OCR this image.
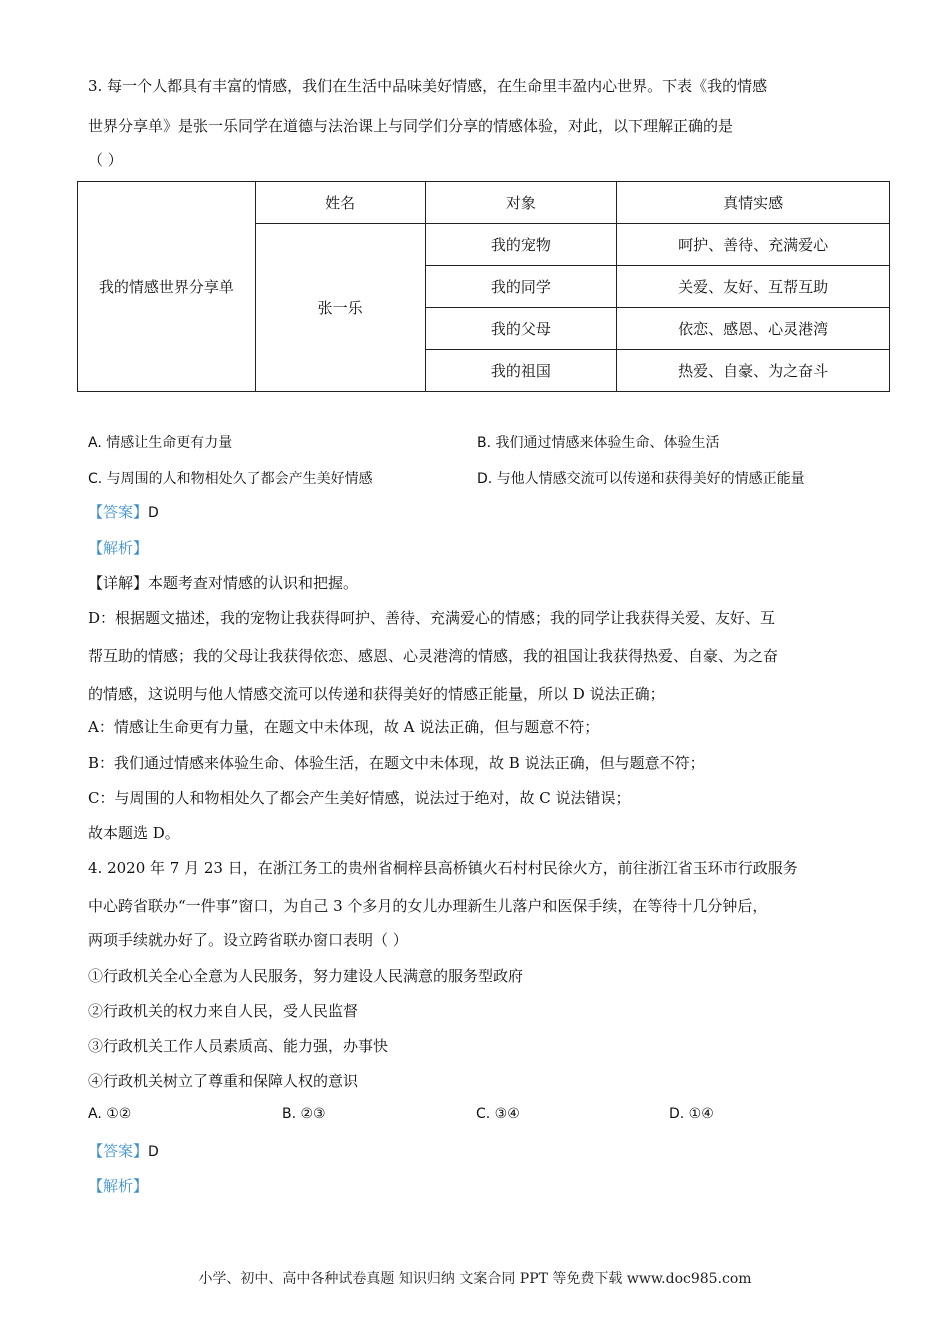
3. 每一个人都具有丰富的情感，我们在生活中品味美好情感，在生命里丰盈内心世界。下表《我的情感

世界分享单》是张一乐同学在道德与法治课上与同学们分享的情感体验，对此，以下理解正确的是

（ ）

我的情感世界分享单	姓名	对象	真情实感
	张一乐	我的宠物	呵护、善待、充满爱心
		我的同学	关爱、友好、互帮互助
		我的父母	依恋、感恩、心灵港湾
		我的祖国	热爱、自豪、为之奋斗
A. 情感让生命更有力量	B. 我们通过情感来体验生命、体验生活
C. 与周围的人和物相处久了都会产生美好情感	D. 与他人情感交流可以传递和获得美好的情感正能量

【答案】D

【解析】

【详解】本题考查对情感的认识和把握。

D：根据题文描述，我的宠物让我获得呵护、善待、充满爱心的情感；我的同学让我获得关爱、友好、互

帮互助的情感；我的父母让我获得依恋、感恩、心灵港湾的情感，我的祖国让我获得热爱、自豪、为之奋

的情感，这说明与他人情感交流可以传递和获得美好的情感正能量，所以 D 说法正确；

A：情感让生命更有力量，在题文中未体现，故 A 说法正确，但与题意不符；

B：我们通过情感来体验生命、体验生活，在题文中未体现，故 B 说法正确，但与题意不符；

C：与周围的人和物相处久了都会产生美好情感，说法过于绝对，故 C 说法错误；

故本题选 D。

4. 2020 年 7 月 23 日，在浙江务工的贵州省桐梓县高桥镇火石村村民徐火方，前往浙江省玉环市行政服务

中心跨省联办“一件事”窗口，为自己 3 个多月的女儿办理新生儿落户和医保手续，在等待十几分钟后，

两项手续就办好了。设立跨省联办窗口表明（ ）

①行政机关全心全意为人民服务，努力建设人民满意的服务型政府

②行政机关的权力来自人民，受人民监督

③行政机关工作人员素质高、能力强，办事快

④行政机关树立了尊重和保障人权的意识

A. ①②	B. ②③	C. ③④	D. ①④

【答案】D

【解析】

小学、初中、高中各种试卷真题 知识归纳 文案合同 PPT 等免费下载 www.doc985.com
